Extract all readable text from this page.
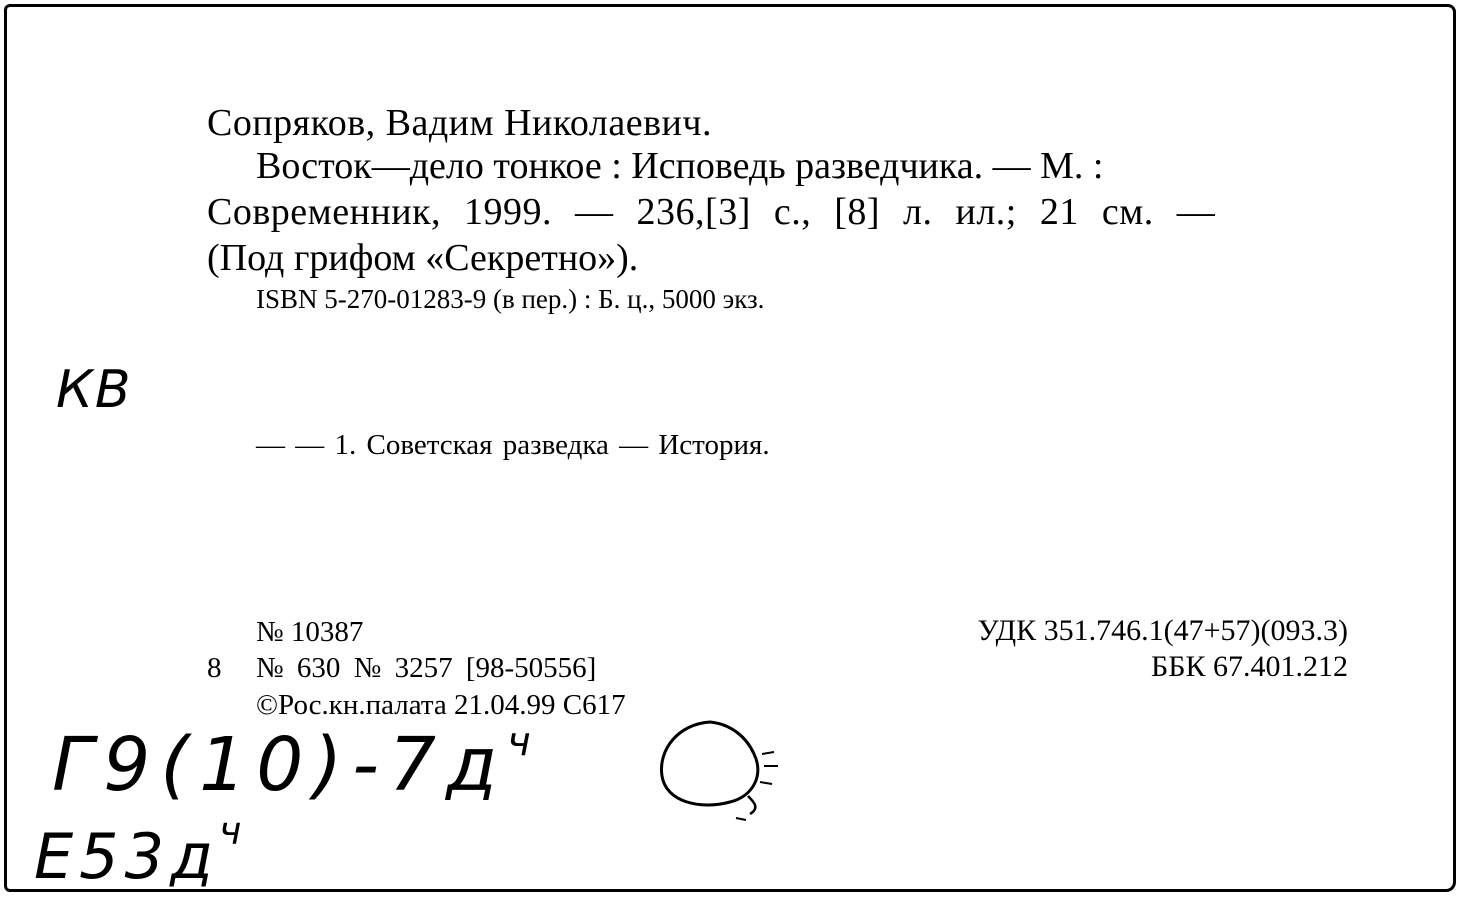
Сопряков, Вадим Николаевич.
Восток—дело тонкое : Исповедь разведчика. — М. :
Современник, 1999. — 236,[3] с., [8] л. ил.; 21 см. —
(Под грифом «Секретно»).
ISBN 5-270-01283-9 (в пер.) : Б. ц., 5000 экз.
КВ
— — 1. Советская разведка — История.
№ 10387
8 № 630 № 3257 [98-50556]
©Рос.кн.палата 21.04.99 С617
УДК 351.746.1(47+57)(093.3)
ББК 67.401.212
$Г9(10)-7д^ч$
$Е53д^ч$
